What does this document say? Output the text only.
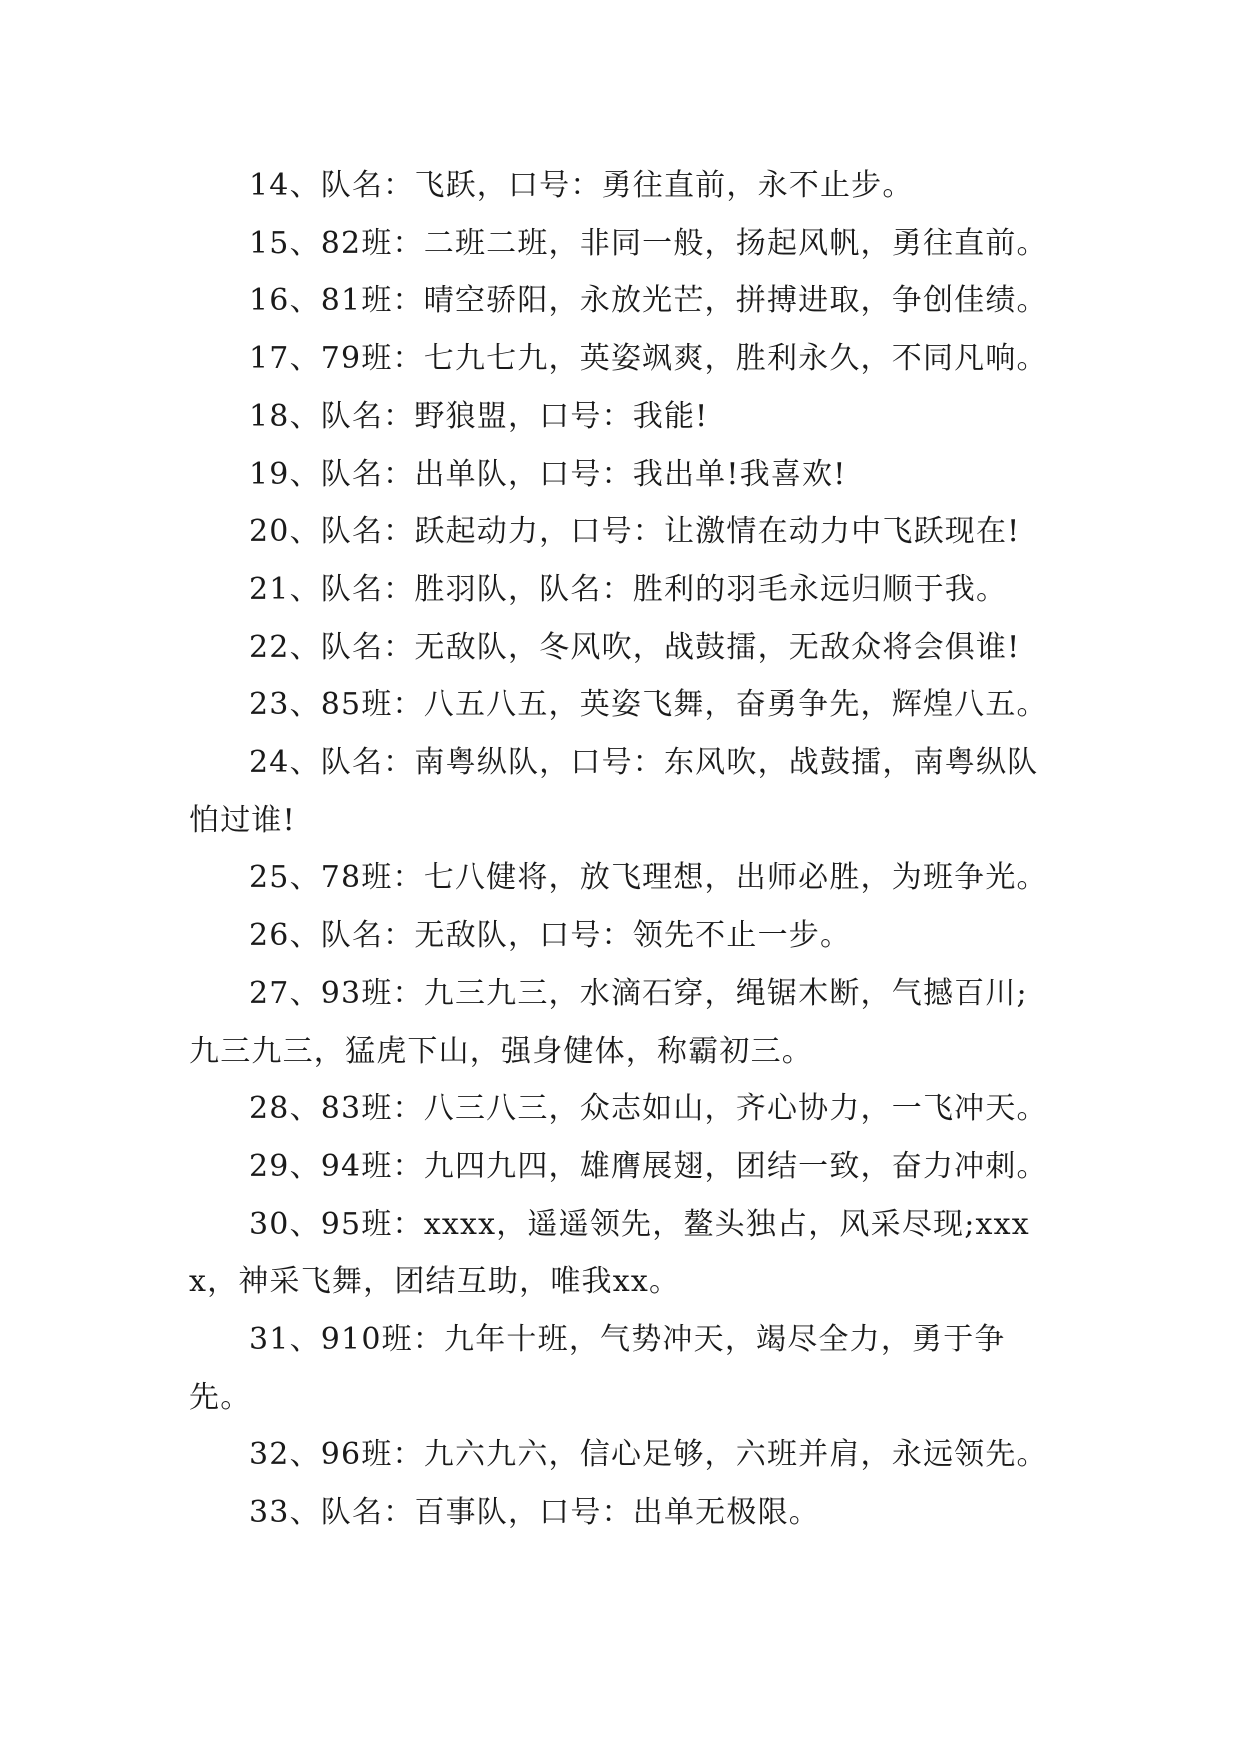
14、队名：飞跃，口号：勇往直前，永不止步。

15、82班：二班二班，非同一般，扬起风帆，勇往直前。

16、81班：晴空骄阳，永放光芒，拼搏进取，争创佳绩。

17、79班：七九七九，英姿飒爽，胜利永久，不同凡响。

18、队名：野狼盟，口号：我能!

19、队名：出单队，口号：我出单!我喜欢!

20、队名：跃起动力，口号：让激情在动力中飞跃现在!

21、队名：胜羽队，队名：胜利的羽毛永远归顺于我。

22、队名：无敌队，冬风吹，战鼓擂，无敌众将会俱谁!

23、85班：八五八五，英姿飞舞，奋勇争先，辉煌八五。

24、队名：南粤纵队，口号：东风吹，战鼓擂，南粤纵队怕过谁!

25、78班：七八健将，放飞理想，出师必胜，为班争光。

26、队名：无敌队，口号：领先不止一步。

27、93班：九三九三，水滴石穿，绳锯木断，气撼百川;九三九三，猛虎下山，强身健体，称霸初三。

28、83班：八三八三，众志如山，齐心协力，一飞冲天。

29、94班：九四九四，雄膺展翅，团结一致，奋力冲刺。

30、95班：xxxx，遥遥领先，鳌头独占，风采尽现;xxxx，神采飞舞，团结互助，唯我xx。

31、910班：九年十班，气势冲天，竭尽全力，勇于争先。

32、96班：九六九六，信心足够，六班并肩，永远领先。

33、队名：百事队，口号：出单无极限。
